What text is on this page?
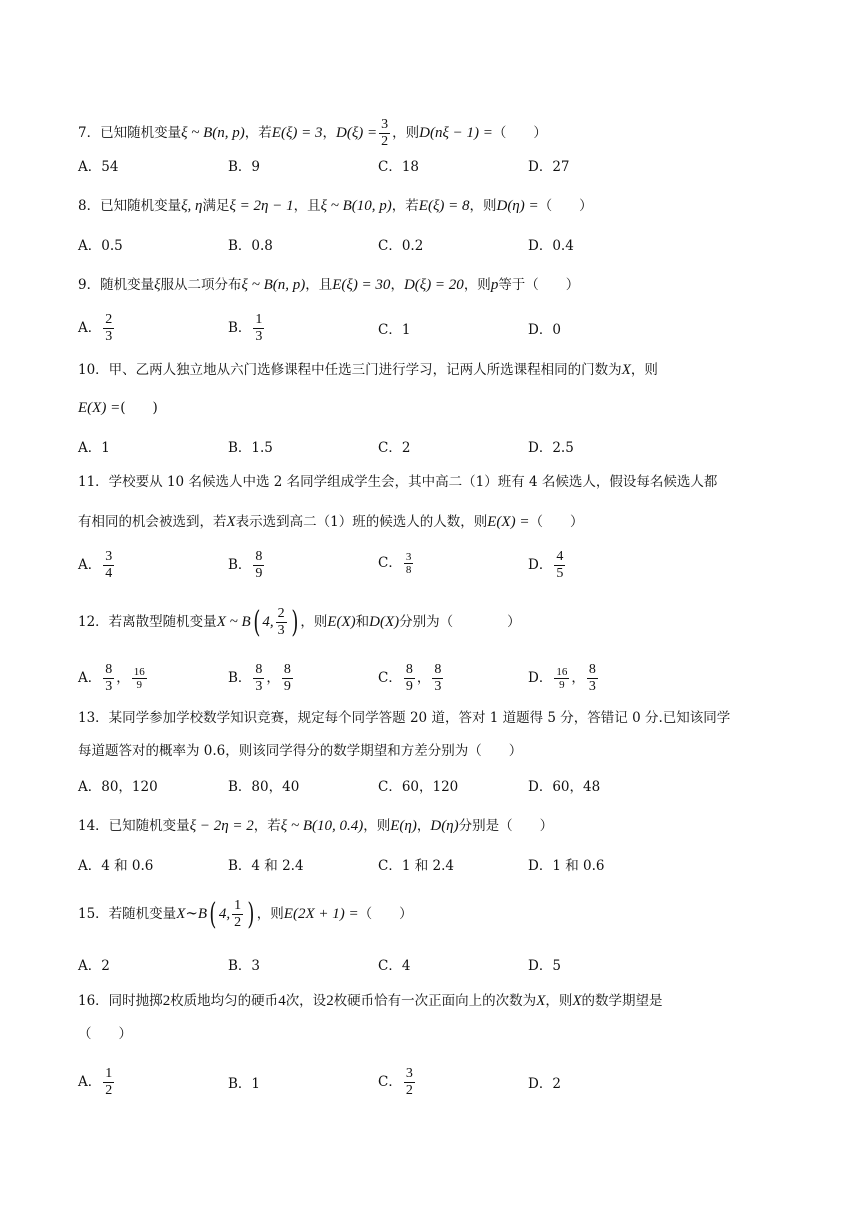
7．已知随机变量ξ ~ B(n, p)，若E(ξ) = 3，$D(\xi) = \frac{3}{2}$ ，则D(nξ − 1) =（　　）
A．54	B．9	C．18	D．27
8．已知随机变量ξ, η满足ξ = 2η − 1，且ξ ~ B(10, p)，若E(ξ) = 8，则D(η) =（　　）
A．0.5	B．0.8	C．0.2	D．0.4
9．随机变量ξ服从二项分布ξ ~ B(n, p)，且E(ξ) = 30，D(ξ) = 20，则p等于（　　）
A． $\frac{2}{3}$	B． $\frac{1}{3}$	C．1	D．0
10．甲、乙两人独立地从六门选修课程中任选三门进行学习，记两人所选课程相同的门数为X，则
E(X) =(　　)
A．1	B．1.5	C．2	D．2.5
11．学校要从 10 名候选人中选 2 名同学组成学生会，其中高二（1）班有 4 名候选人，假设每名候选人都
有相同的机会被选到，若X表示选到高二（1）班的候选人的人数，则E(X) =（　　）
A． $\frac{3}{4}$	B． $\frac{8}{9}$	C． $\frac{3}{8}$	D． $\frac{4}{5}$
12．若离散型随机变量X ~ B( 4, $\frac{2}{3}$ ) ，则E(X)和D(X)分别为（　　　　）
A． $\frac{8}{3}$ ， $\frac{16}{9}$	B． $\frac{8}{3}$ ， $\frac{8}{9}$	C． $\frac{8}{9}$ ， $\frac{8}{3}$	D． $\frac{16}{9}$ ， $\frac{8}{3}$
13．某同学参加学校数学知识竞赛，规定每个同学答题 20 道，答对 1 道题得 5 分，答错记 0 分.已知该同学
每道题答对的概率为 0.6，则该同学得分的数学期望和方差分别为（　　）
A．80，120	B．80，40	C．60，120	D．60，48
14．已知随机变量ξ − 2η = 2，若ξ ~ B(10, 0.4)，则E(η)，D(η)分别是（　　）
A．4 和 0.6	B．4 和 2.4	C．1 和 2.4	D．1 和 0.6
15．若随机变量X∼B( 4, $\frac{1}{2}$ ) ，则E(2X + 1) =（　　）
A．2	B．3	C．4	D．5
16．同时抛掷2枚质地均匀的硬币4次，设2枚硬币恰有一次正面向上的次数为X，则X的数学期望是
（　　）
A． $\frac{1}{2}$	B．1	C． $\frac{3}{2}$	D．2
